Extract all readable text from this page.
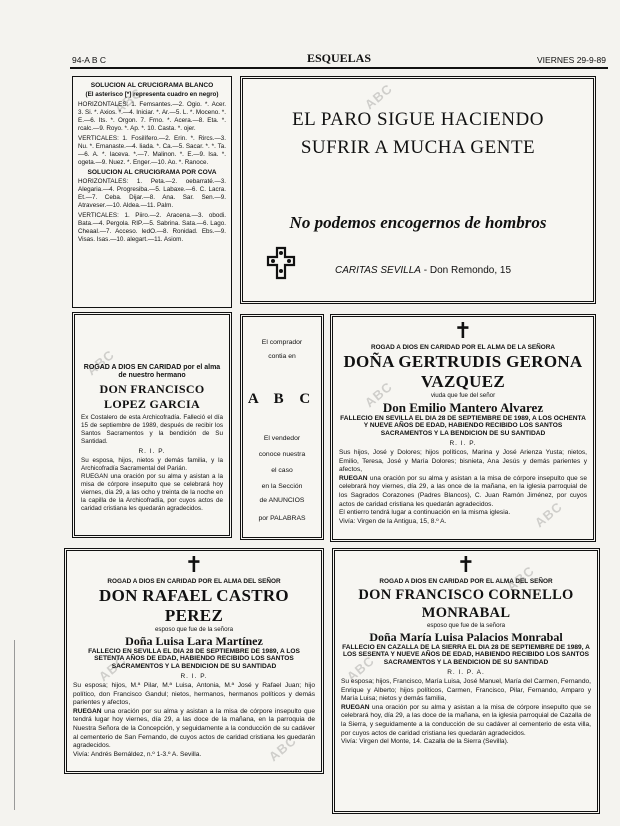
94-A B C	ESQUELAS	VIERNES 29-9-89
SOLUCION AL CRUCIGRAMA BLANCO
(El asterisco [*] representa cuadro en negro)

HORIZONTALES: 1. Femsantes.—2. Ogio. *. Acer. 3. Si. *. Axios. *.—4. Iniciar. *. Ar.—5. L. *. Moceno. *. E.—6. Its. *. Orgon. 7. Frno. *. Acera.—8. Eta. *. rcalc.—9. Royo. *. Ap. *. 10. Casta. *. ojer.

VERTICALES: 1. Fosilífero.—2. Erin. *. Rircs.—3. Nu. *. Emanaste.—4. Iiada. *. Ca.—5. Sacar. *. *. Ta.—6. A. *. Iaceva. *.—7. Malinon. *. E.—9. Isa. *. ogeta.—9. Nuez. *. Enger.—10. Ao. *. Ranoce.

SOLUCION AL CRUCIGRAMA POR COVA

HORIZONTALES: 1. Peta.—2. oebarraté.—3. Alegaria.—4. Progresiba.—5. Labaxe.—6. C. Lacra. Et.—7. Ceba. Dijar.—8. Ana. Sar. Sen.—9. Atraveser.—10. Aldea.—11. Palm.

VERTICALES: 1. Piiro.—2. Aracena.—3. obodi. Bata.—4. Pergola. RIP.—5. Sabrina. Sata.—6. Lago. Cheaal.—7. Acceso. ledO.—8. Ronidad. Ebs.—9. Visas. Isas.—10. alegart.—11. Asiom.

ABC
EL PARO SIGUE HACIENDO
SUFRIR A MUCHA GENTE
No podemos encogernos de hombros
CARITAS SEVILLA - Don Remondo, 15
ABC
ROGAD A DIOS EN CARIDAD por el alma de nuestro hermano
DON FRANCISCO LOPEZ GARCIA
Ex Costalero de esta Archicofradía. Falleció el día 15 de septiembre de 1989, después de recibir los Santos Sacramentos y la bendición de Su Santidad.
R. I. P.
Su esposa, hijos, nietos y demás familia, y la Archicofradía Sacramental del Parián.
RUEGAN una oración por su alma y asistan a la misa de córpore insepulto que se celebrará hoy viernes, día 29, a las ocho y treinta de la noche en la capilla de la Archicofradía, por cuyos actos de caridad cristiana les quedarán agradecidos.
ABC
El comprador
contia en
A B C
El vendedor
conoce nuestra
el caso
en la Sección
de ANUNCIOS
por PALABRAS
✝
ROGAD A DIOS EN CARIDAD POR EL ALMA DE LA SEÑORA
DOÑA GERTRUDIS GERONA
VAZQUEZ
viuda que fue del señor
Don Emilio Mantero Alvarez
FALLECIO EN SEVILLA EL DIA 28 DE SEPTIEMBRE DE 1989, A LOS OCHENTA Y NUEVE AÑOS DE EDAD, HABIENDO RECIBIDO LOS SANTOS SACRAMENTOS Y LA BENDICION DE SU SANTIDAD
R. I. P.
Sus hijos, José y Dolores; hijos políticos, Marina y José Arienza Yusta; nietos, Emilio, Teresa, José y María Dolores; bisnieta, Ana Jesús y demás parientes y afectos,
RUEGAN una oración por su alma y asistan a la misa de córpore insepulto que se celebrará hoy viernes, día 29, a las once de la mañana, en la iglesia parroquial de los Sagrados Corazones (Padres Blancos), C. Juan Ramón Jiménez, por cuyos actos de caridad cristiana les quedarán agradecidos.
El entierro tendrá lugar a continuación en la misma iglesia.
Vivía: Virgen de la Antigua, 15, 8.º A.
ABC
ABC
✝
ROGAD A DIOS EN CARIDAD POR EL ALMA DEL SEÑOR
DON RAFAEL CASTRO PEREZ
esposo que fue de la señora
Doña Luisa Lara Martínez
FALLECIO EN SEVILLA EL DIA 28 DE SEPTIEMBRE DE 1989, A LOS SETENTA AÑOS DE EDAD, HABIENDO RECIBIDO LOS SANTOS SACRAMENTOS Y LA BENDICION DE SU SANTIDAD
R. I. P.
Su esposa; hijos, M.ª Pilar, M.ª Luisa, Antonia, M.ª José y Rafael Juan; hijo político, don Francisco Gandul; nietos, hermanos, hermanos políticos y demás parientes y afectos,
RUEGAN una oración por su alma y asistan a la misa de córpore insepulto que tendrá lugar hoy viernes, día 29, a las doce de la mañana, en la parroquia de Nuestra Señora de la Concepción, y seguidamente a la conducción de su cadáver al cementerio de San Fernando, de cuyos actos de caridad cristiana les quedarán agradecidos.
Vivía: Andrés Bernáldez, n.º 1-3.º A. Sevilla.
ABC
ABC
✝
ROGAD A DIOS EN CARIDAD POR EL ALMA DEL SEÑOR
DON FRANCISCO CORNELLO MONRABAL
esposo que fue de la señora
Doña María Luisa Palacios Monrabal
FALLECIO EN CAZALLA DE LA SIERRA EL DIA 28 DE SEPTIEMBRE DE 1989, A LOS SESENTA Y NUEVE AÑOS DE EDAD, HABIENDO RECIBIDO LOS SANTOS SACRAMENTOS Y LA BENDICION DE SU SANTIDAD
R. I. P. A.
Su esposa; hijos, Francisco, María Luisa, José Manuel, María del Carmen, Fernando, Enrique y Alberto; hijos políticos, Carmen, Francisco, Pilar, Fernando, Amparo y María Luisa; nietos y demás familia,
RUEGAN una oración por su alma y asistan a la misa de córpore insepulto que se celebrará hoy, día 29, a las doce de la mañana, en la iglesia parroquial de Cazalla de la Sierra, y seguidamente a la conducción de su cadáver al cementerio de esta villa, por cuyos actos de caridad cristiana les quedarán agradecidos.
Vivía: Virgen del Monte, 14. Cazalla de la Sierra (Sevilla).
ABC
ABC
